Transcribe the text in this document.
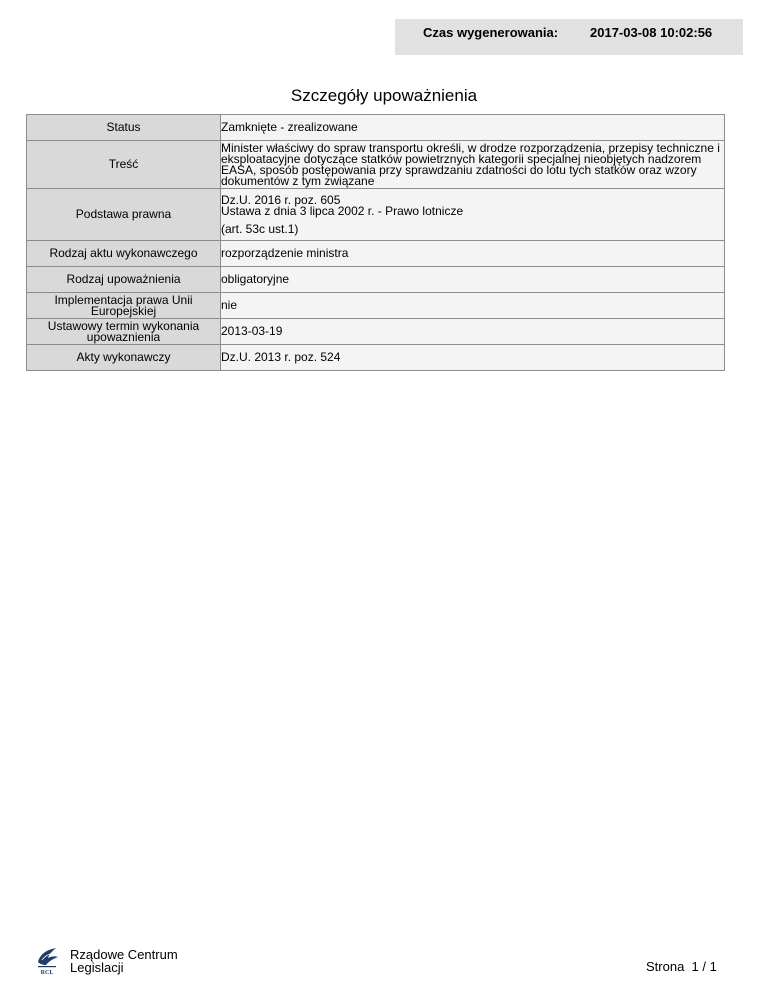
Czas wygenerowania: 2017-03-08 10:02:56
Szczegóły upoważnienia
Status	Zamknięte - zrealizowane
Treść	Minister właściwy do spraw transportu określi, w drodze rozporządzenia, przepisy techniczne i eksploatacyjne dotyczące statków powietrznych kategorii specjalnej nieobjętych nadzorem EASA, sposób postępowania przy sprawdzaniu zdatności do lotu tych statków oraz wzory dokumentów z tym związane
Podstawa prawna	Dz.U. 2016 r. poz. 605
Ustawa z dnia 3 lipca 2002 r. - Prawo lotnicze
(art. 53c ust.1)

Rodzaj aktu wykonawczego	rozporządzenie ministra
Rodzaj upoważnienia	obligatoryjne
Implementacja prawa Unii Europejskiej	nie
Ustawowy termin wykonania upowaznienia	2013-03-19
Akty wykonawczy	Dz.U. 2013 r. poz. 524
RCL
Rządowe Centrum
Legislacji	Strona 1 / 1
